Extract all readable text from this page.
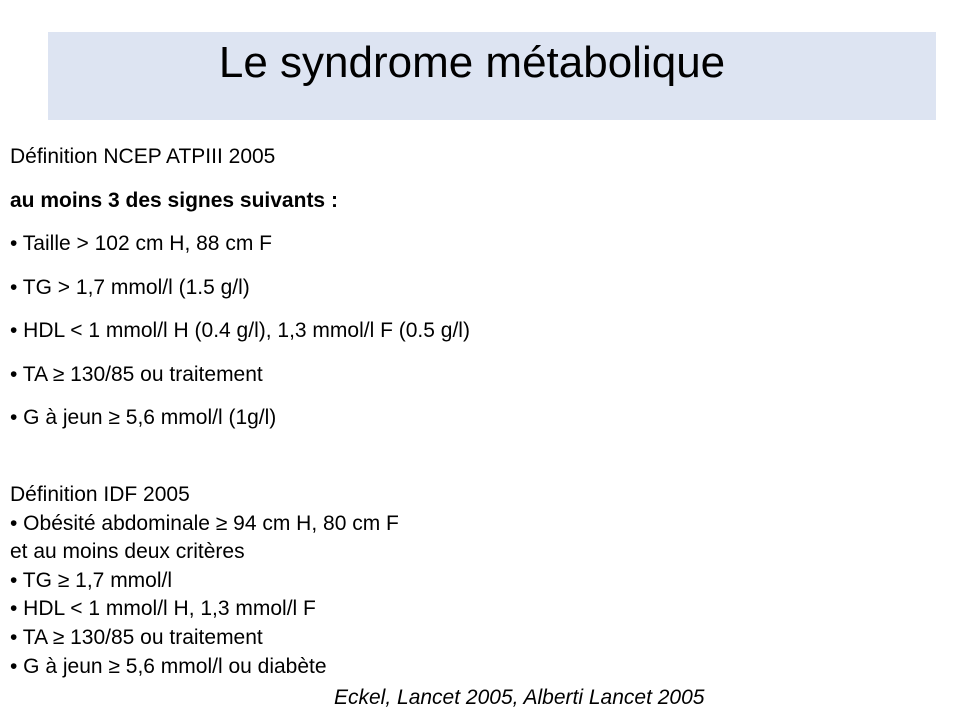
Le syndrome métabolique
Définition NCEP ATPIII 2005
au moins 3 des signes suivants :
• Taille > 102 cm H, 88 cm F
• TG > 1,7 mmol/l (1.5 g/l)
• HDL < 1 mmol/l H (0.4 g/l), 1,3 mmol/l F (0.5 g/l)
• TA ≥ 130/85 ou traitement
• G à jeun ≥ 5,6 mmol/l (1g/l)
Définition IDF 2005
• Obésité abdominale ≥ 94 cm H, 80 cm F
et au moins deux critères
• TG ≥ 1,7 mmol/l
• HDL < 1 mmol/l H, 1,3 mmol/l F
• TA ≥ 130/85 ou traitement
• G à jeun ≥ 5,6 mmol/l ou diabète
Eckel, Lancet 2005, Alberti Lancet 2005
